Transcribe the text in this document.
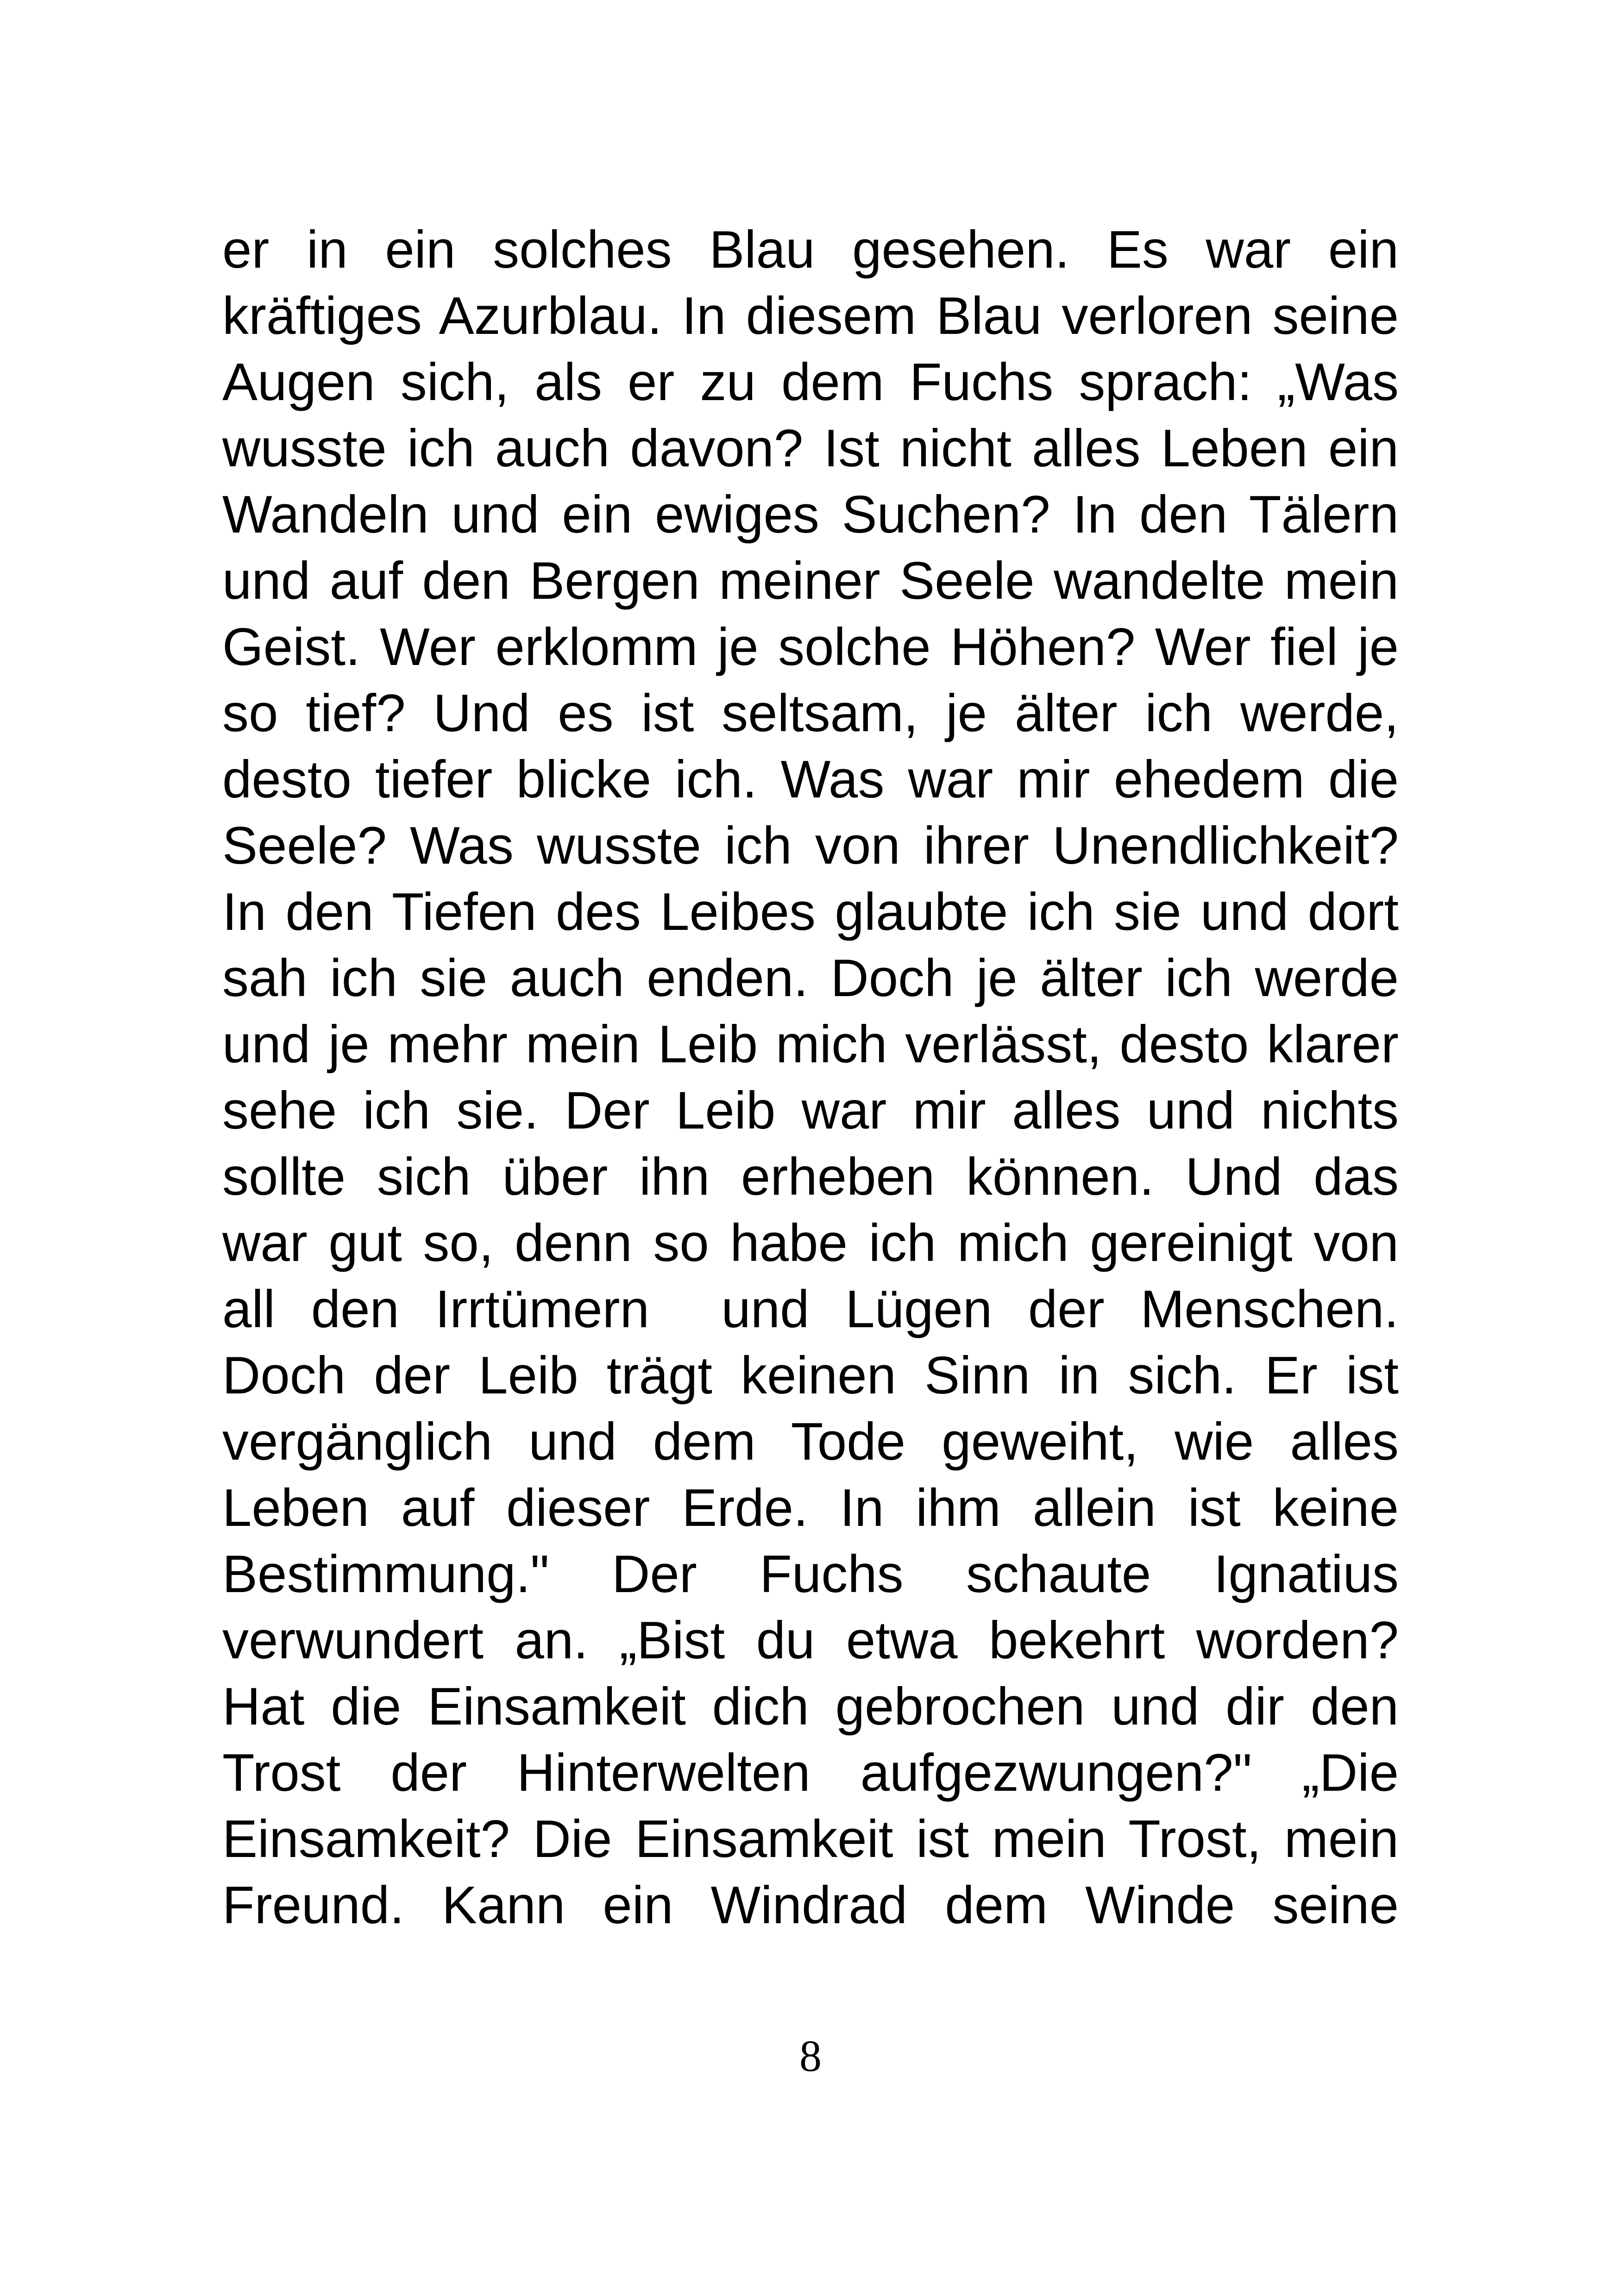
er in ein solches Blau gesehen. Es war ein
kräftiges Azurblau. In diesem Blau verloren seine
Augen sich, als er zu dem Fuchs sprach: „Was
wusste ich auch davon? Ist nicht alles Leben ein
Wandeln und ein ewiges Suchen? In den Tälern
und auf den Bergen meiner Seele wandelte mein
Geist. Wer erklomm je solche Höhen? Wer fiel je
so tief? Und es ist seltsam, je älter ich werde,
desto tiefer blicke ich. Was war mir ehedem die
Seele? Was wusste ich von ihrer Unendlichkeit?
In den Tiefen des Leibes glaubte ich sie und dort
sah ich sie auch enden. Doch je älter ich werde
und je mehr mein Leib mich verlässt, desto klarer
sehe ich sie. Der Leib war mir alles und nichts
sollte sich über ihn erheben können. Und das
war gut so, denn so habe ich mich gereinigt von
all den Irrtümern  und Lügen der Menschen.
Doch der Leib trägt keinen Sinn in sich. Er ist
vergänglich und dem Tode geweiht, wie alles
Leben auf dieser Erde. In ihm allein ist keine
Bestimmung." Der Fuchs schaute Ignatius
verwundert an. „Bist du etwa bekehrt worden?
Hat die Einsamkeit dich gebrochen und dir den
Trost der Hinterwelten aufgezwungen?" „Die
Einsamkeit? Die Einsamkeit ist mein Trost, mein
Freund. Kann ein Windrad dem Winde seine
8
